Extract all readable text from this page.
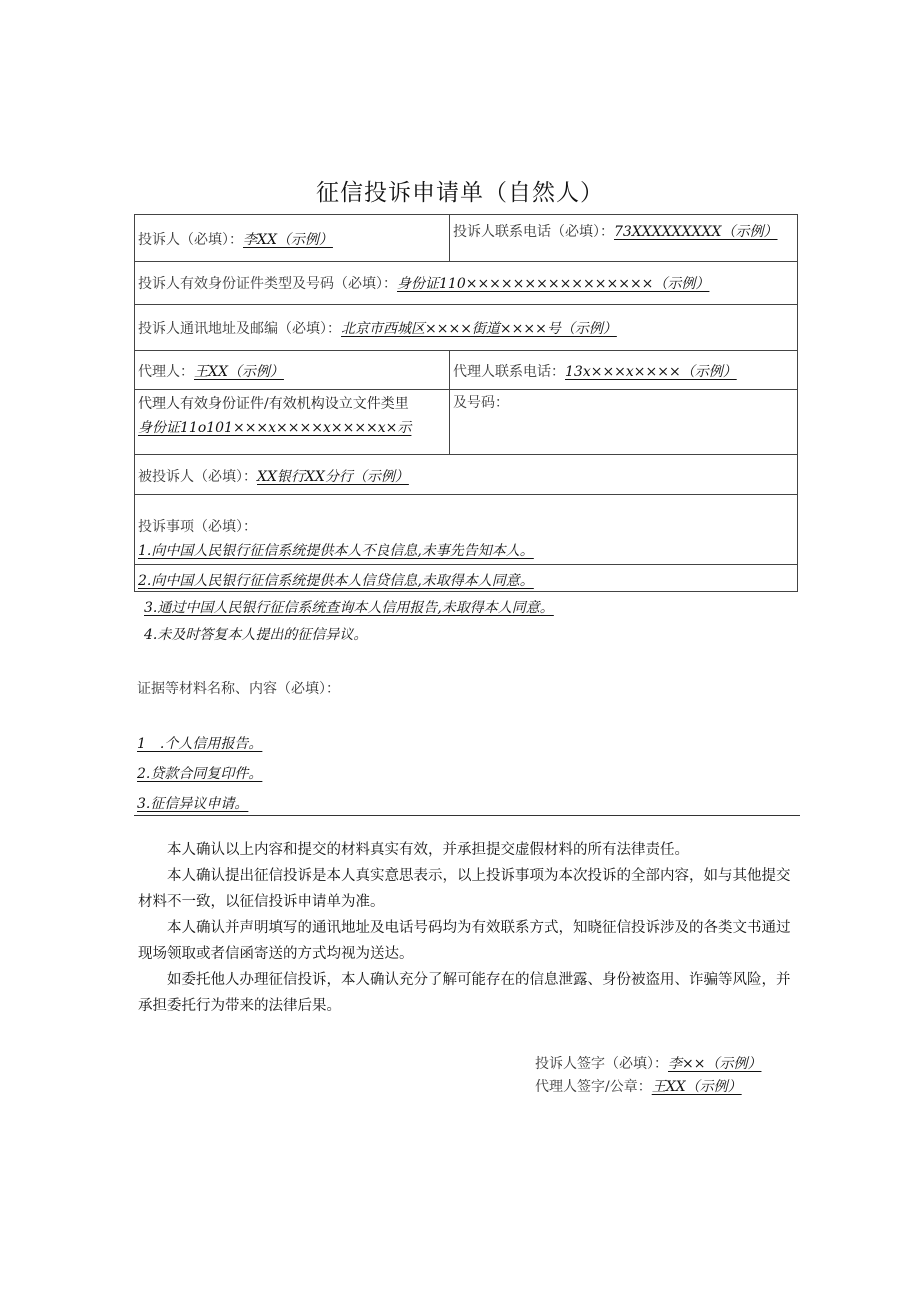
征信投诉申请单（自然人）
投诉人（必填）：李XX（示例）	投诉人联系电话（必填）：73XXXXXXXXX（示例）
投诉人有效身份证件类型及号码（必填）：身份证110××××××××××××××××（示例）
投诉人通讯地址及邮编（必填）：北京市西城区××××街道××××号（示例）
代理人：王XX（示例）	代理人联系电话：13x×××x××××（示例）
代理人有效身份证件/有效机构设立文件类里
身份证11o101×××x××××x××××x×示
及号码：
被投诉人（必填）：XX银行XX分行（示例）
投诉事项（必填）：
1.向中国人民银行征信系统提供本人不良信息,未事先告知本人。
2.向中国人民银行征信系统提供本人信贷信息,未取得本人同意。
3.通过中国人民银行征信系统查询本人信用报告,未取得本人同意。
4.未及时答复本人提出的征信异议。
证据等材料名称、内容（必填）：
1　.个人信用报告。
2.贷款合同复印件。
3.征信异议申请。

本人确认以上内容和提交的材料真实有效，并承担提交虚假材料的所有法律责任。

本人确认提出征信投诉是本人真实意思表示，以上投诉事项为本次投诉的全部内容，如与其他提交材料不一致，以征信投诉申请单为准。

本人确认并声明填写的通讯地址及电话号码均为有效联系方式，知晓征信投诉涉及的各类文书通过现场领取或者信函寄送的方式均视为送达。

如委托他人办理征信投诉，本人确认充分了解可能存在的信息泄露、身份被盗用、诈骗等风险，并承担委托行为带来的法律后果。

投诉人签字（必填）：李××（示例）
代理人签字/公章：王XX（示例）
